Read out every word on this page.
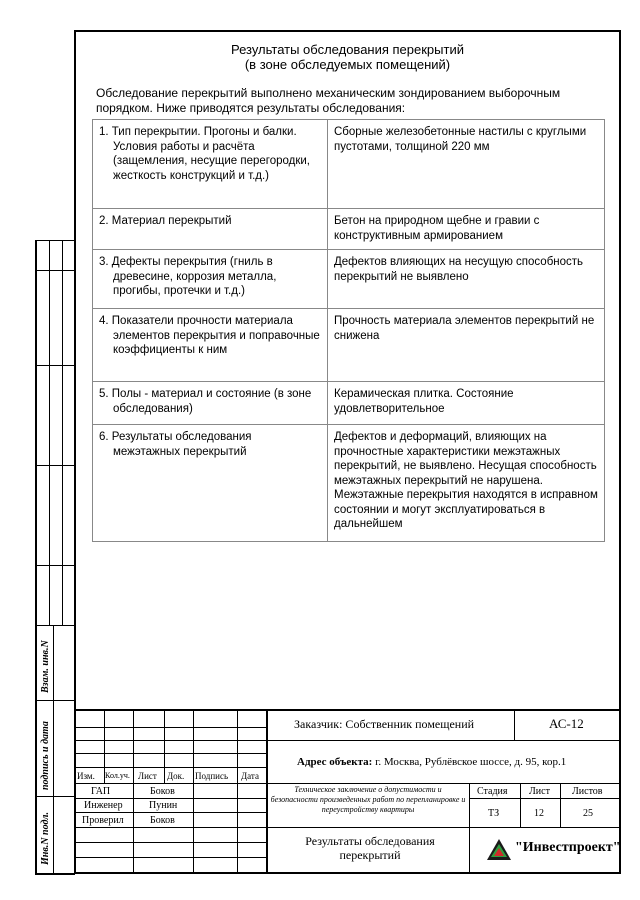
Результаты обследования перекрытий
(в зоне обследуемых помещений)
Обследование перекрытий выполнено механическим зондированием выборочным порядком. Ниже приводятся результаты обследования:
1. Тип перекрытии. Прогоны и балки. Условия работы и расчёта (защемления, несущие перегородки, жесткость конструкций и т.д.)	Сборные железобетонные настилы с круглыми
пустотами, толщиной 220 мм

2. Материал перекрытий	Бетон на природном щебне и гравии с конструктивным армированием

3. Дефекты перекрытия (гниль в древесине, коррозия металла, прогибы, протечки и т.д.)	Дефектов влияющих на несущую способность перекрытий не выявлено

4. Показатели прочности материала элементов перекрытия и поправочные коэффициенты к ним	Прочность материала элементов перекрытий не снижена

5. Полы - материал и состояние (в зоне обследования)	Керамическая плитка. Состояние удовлетворительное

6. Результаты обследования межэтажных перекрытий	Дефектов и деформаций, влияющих на прочностные характеристики межэтажных перекрытий, не выявлено. Несущая способность межэтажных перекрытий не нарушена. Межэтажные перекрытия находятся в исправном состоянии и могут эксплуатироваться в дальнейшем
Взам. инв.N
подпись и дата
Инв.N подл.
Заказчик: Собственник помещений	АС-12
Адрес объекта: г. Москва, Рублёвское шоссе, д. 95, кор.1
Изм. Кол.уч. Лист Док. Подпись Дата
ГАП	Боков
Инженер	Пунин
Проверил	Боков
Техническое заключение о допустимости и безопасности произведенных работ по перепланировке и переустройству квартиры
Стадия Лист Листов
ТЗ	12	25
Результаты обследования перекрытий	"Инвестпроект"
